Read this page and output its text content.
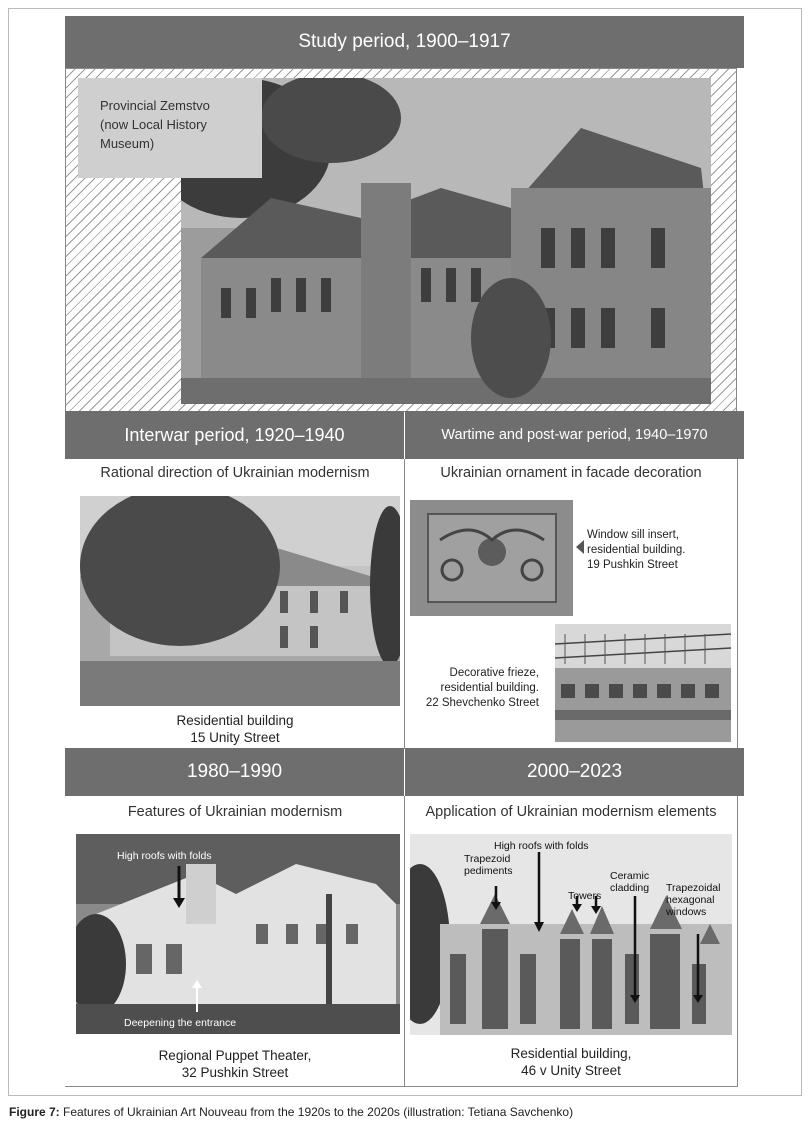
Study period, 1900–1917
Provincial Zemstvo
(now Local History
Museum)
Interwar period, 1920–1940	Wartime and post-war period, 1940–1970
Rational direction of Ukrainian modernism
Residential building
15 Unity Street
Ukrainian ornament in facade decoration
Window sill insert,
residential building.
19 Pushkin Street
Decorative frieze,
residential building.
22 Shevchenko Street
1980–1990	2000–2023
Features of Ukrainian modernism
High roofs with folds
Deepening the entrance
Regional Puppet Theater,
32 Pushkin Street
Application of Ukrainian modernism elements
High roofs with folds
Trapezoid
pediments
Towers
Ceramic
cladding Trapezoidal
hexagonal
windows
Residential building,
46 v Unity Street
Figure 7: Features of Ukrainian Art Nouveau from the 1920s to the 2020s (illustration: Tetiana Savchenko)
